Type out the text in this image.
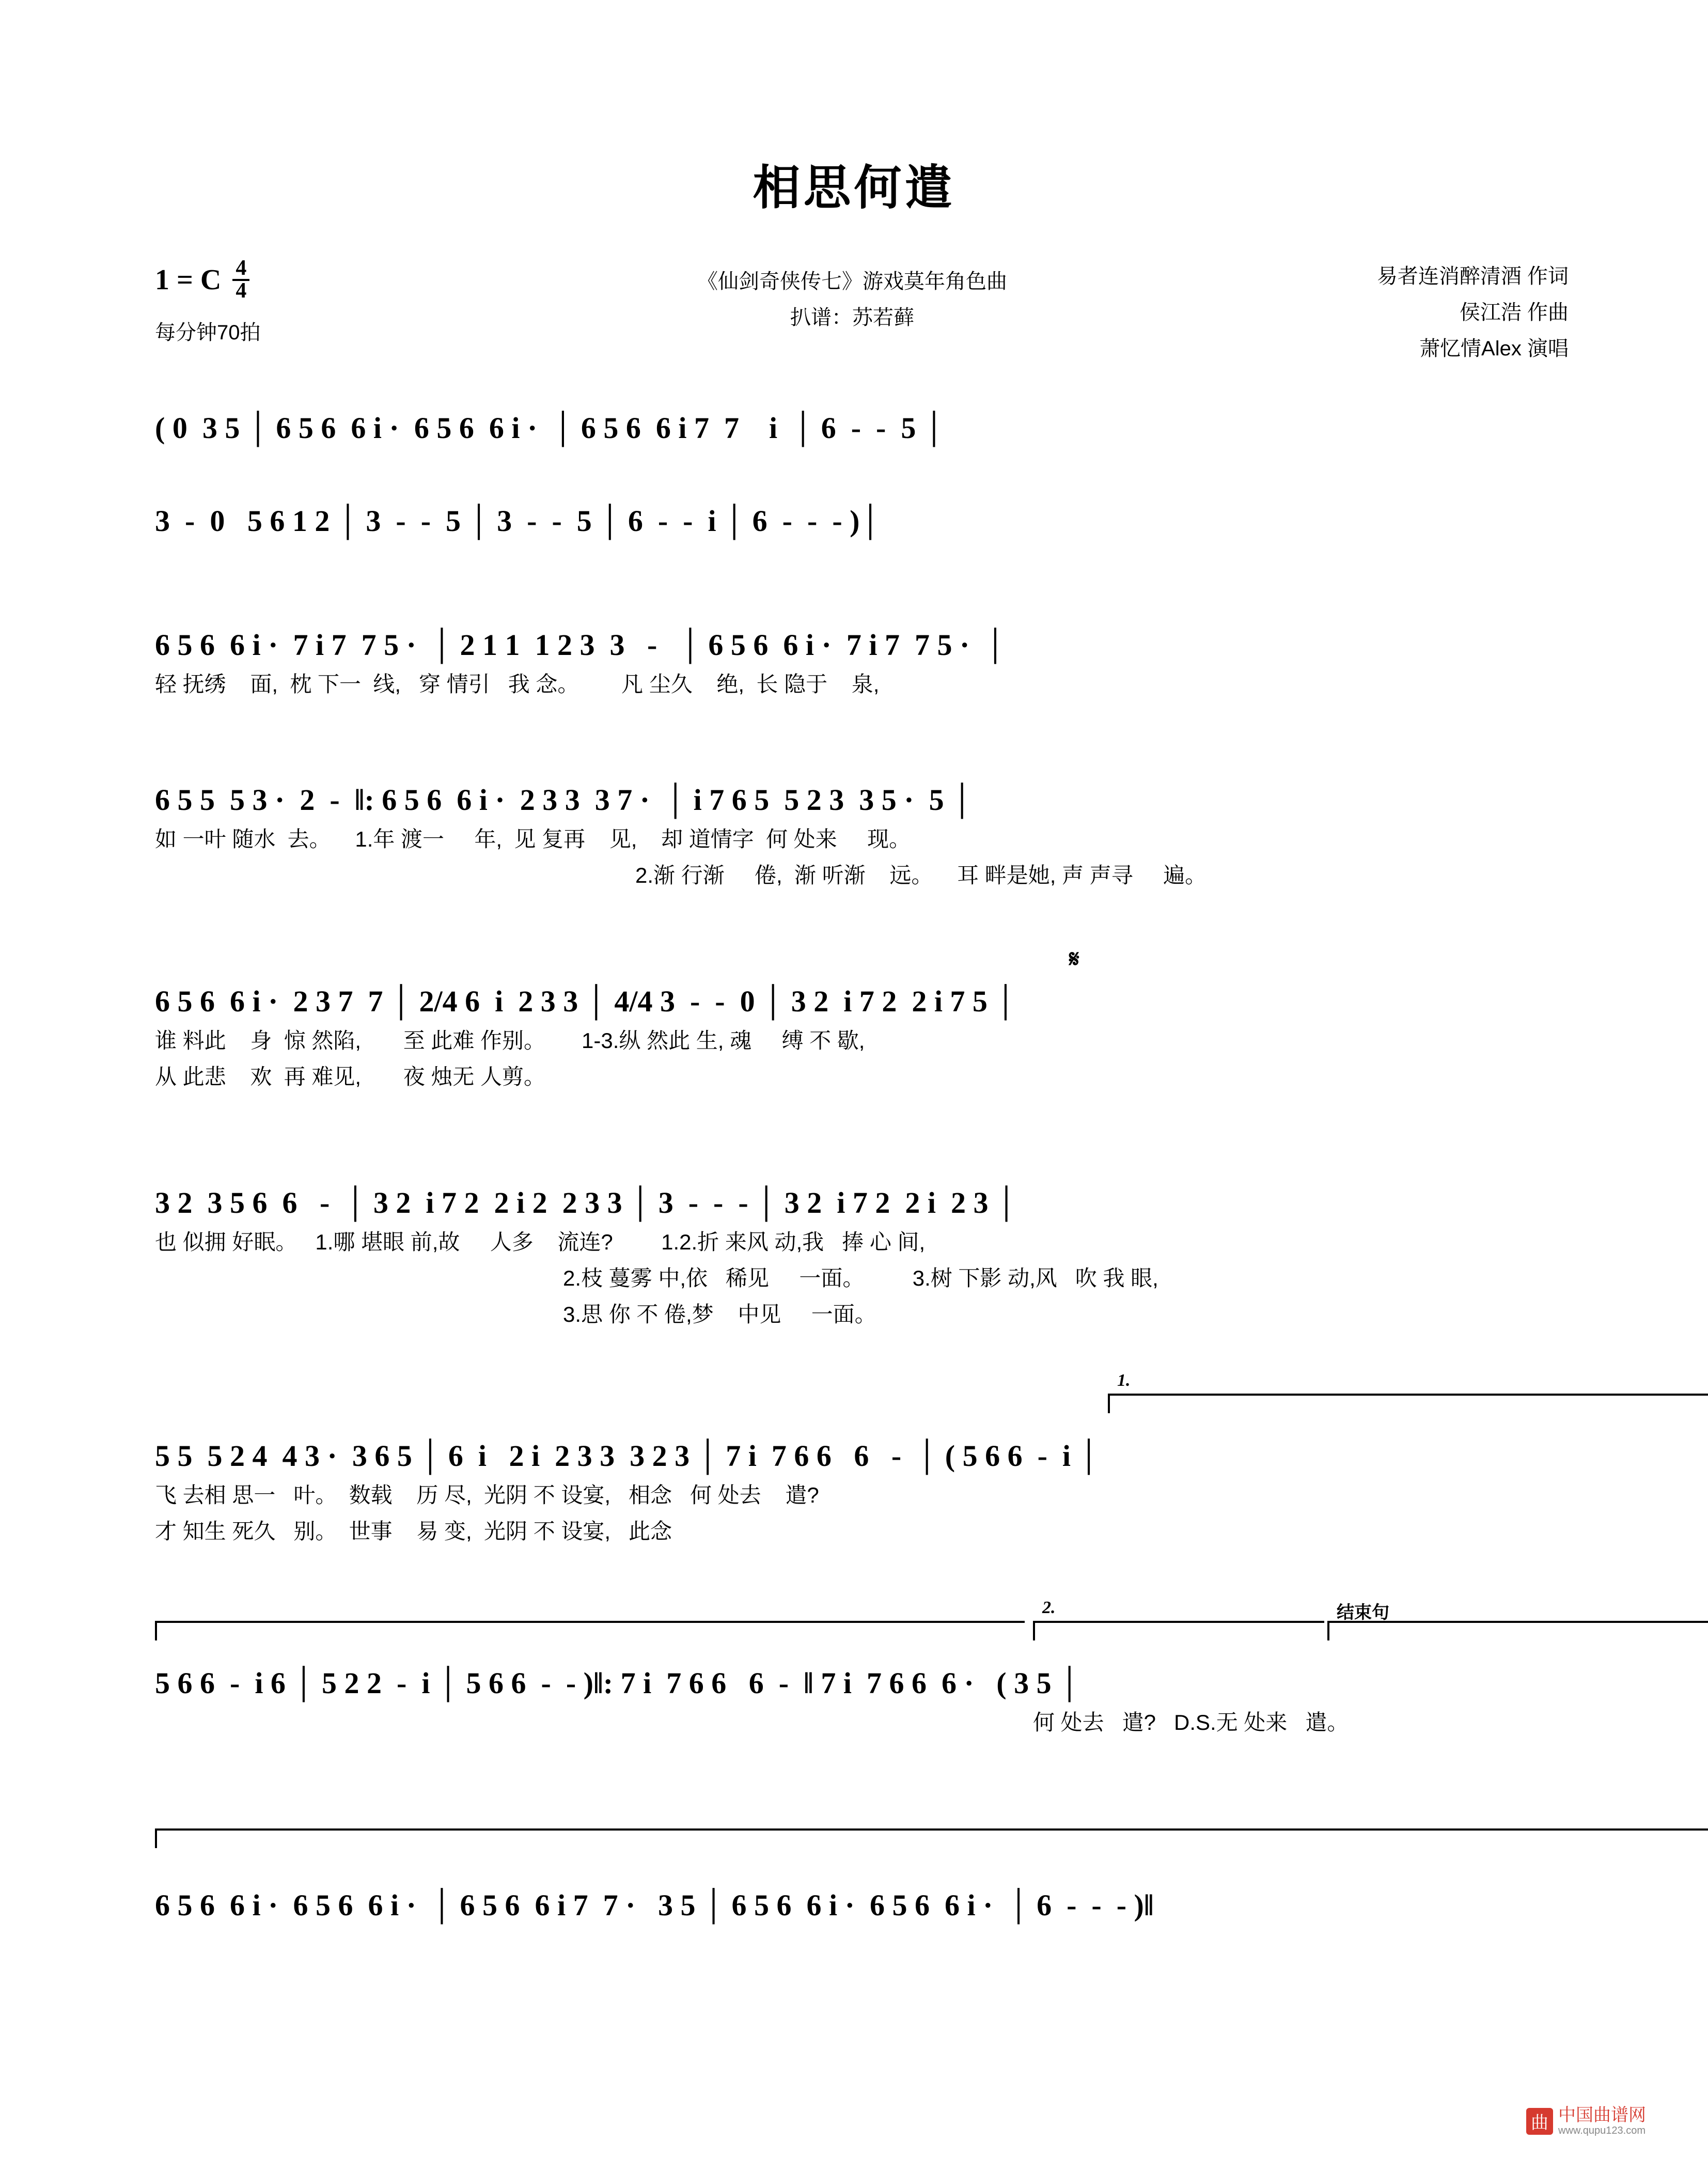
相思何遣
1 = C $\frac{4}{4}$
每分钟70拍
《仙剑奇侠传七》游戏莫年角色曲
扒谱：苏若藓
易者连消醉清酒 作词
侯江浩 作曲
萧忆情Alex 演唱
( 0  3 5 │ 6 5 6  6 i ·  6 5 6  6 i ·  │ 6 5 6  6 i 7  7    i  │ 6  -  -  5 │
3  -  0   5 6 1 2 │ 3  -  -  5 │ 3  -  -  5 │ 6  -  -  i │ 6  -  -  - )│
6 5 6  6 i ·  7 i 7  7 5 ·  │ 2 1 1  1 2 3  3   -   │ 6 5 6  6 i ·  7 i 7  7 5 ·  │
轻 抚绣    面,  枕 下一  线,   穿 情引   我 念。       凡 尘久    绝,  长 隐于    泉,
6 5 5  5 3 ·  2  -  ‖: 6 5 6  6 i ·  2 3 3  3 7 ·  │ i 7 6 5  5 2 3  3 5 ·  5 │
如 一叶 随水  去。    1.年 渡一     年,  见 复再    见,    却 道情字  何 处来     现。
2.渐 行渐     倦,  渐 听渐    远。    耳 畔是她, 声 声寻     遍。
𝄋
6 5 6  6 i ·  2 3 7  7 │ 2/4 6  i  2 3 3 │ 4/4 3  -  -  0 │ 3 2  i 7 2  2 i 7 5 │
谁 料此    身  惊 然陷,       至 此难 作别。      1-3.纵 然此 生, 魂     缚 不 歇,
从 此悲    欢  再 难见,       夜 烛无 人剪。
3 2  3 5 6  6   -  │ 3 2  i 7 2  2 i 2  2 3 3 │ 3  -  -  - │ 3 2  i 7 2  2 i  2 3 │
也 似拥 好眠。   1.哪 堪眼 前,故     人多    流连?        1.2.折 来风 动,我   捧 心 间,
2.枝 蔓雾 中,依   稀见     一面。        3.树 下影 动,风   吹 我 眼,
3.思 你 不 倦,梦    中见     一面。
1.
5 5  5 2 4  4 3 ·  3 6 5 │ 6  i   2 i  2 3 3  3 2 3 │ 7 i  7 6 6   6   -  │ ( 5 6 6  -  i │
飞 去相 思一   叶。  数载    历 尽,  光阴 不 设宴,   相念   何 处去    遣?
才 知生 死久   别。  世事    易 变,  光阴 不 设宴,   此念
2.	结束句
5 6 6  -  i 6 │ 5 2 2  -  i │ 5 6 6  -  - )‖: 7 i  7 6 6   6  -  ‖ 7 i  7 6 6  6 ·   ( 3 5 │
何 处去   遣?   D.S.无 处来   遣。
6 5 6  6 i ·  6 5 6  6 i ·  │ 6 5 6  6 i 7  7 ·   3 5 │ 6 5 6  6 i ·  6 5 6  6 i ·  │ 6  -  -  - )‖
曲 中国曲谱网
www.qupu123.com
